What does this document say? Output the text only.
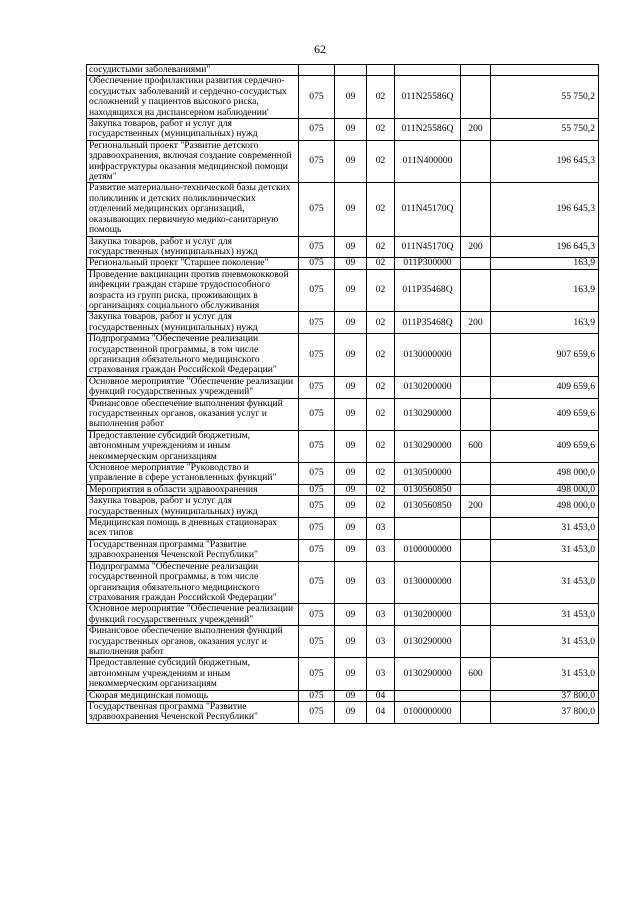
62
сосудистыми заболеваниями"						
Обеспечение профилактики развития сердечно-сосудистых заболеваний и сердечно-сосудистых осложнений у пациентов высокого риска, находящихся на диспансерном наблюдении'	075	09	02	011N25586Q		55 750,2
Закупка товаров, работ и услуг для государственных (муниципальных) нужд	075	09	02	011N25586Q	200	55 750,2
Региональный проект "Развитие детского здравоохранения, включая создание современной инфраструктуры оказания медицинской помощи детям"	075	09	02	011N400000		196 645,3
Развитие материально-технической базы детских поликлиник и детских поликлинических отделений медицинских организаций, оказывающих первичную медико-санитарную помощь	075	09	02	011N45170Q		196 645,3
Закупка товаров, работ и услуг для государственных (муниципальных) нужд	075	09	02	011N45170Q	200	196 645,3
Региональный проект "Старшее поколение"	075	09	02	011P300000		163,9
Проведение вакцинации против пневмококковой инфекции граждан старше трудоспособного возраста из групп риска, проживающих в организациях социального обслуживания	075	09	02	011P35468Q		163,9
Закупка товаров, работ и услуг для государственных (муниципальных) нужд	075	09	02	011P35468Q	200	163,9
Подпрограмма "Обеспечение реализации государственной программы, в том числе организация обязательного медицинского страхования граждан Российской Федерации"	075	09	02	0130000000		907 659,6
Основное мероприятие "Обеспечение реализации функций государственных учреждений"	075	09	02	0130200000		409 659,6
Финансовое обеспечение выполнения функций государственных органов, оказания услуг и выполнения работ	075	09	02	0130290000		409 659,6
Предоставление субсидий бюджетным, автономным учреждениям и иным некоммерческим организациям	075	09	02	0130290000	600	409 659,6
Основное мероприятие "Руководство и управление в сфере установленных функций"	075	09	02	0130500000		498 000,0
Мероприятия в области здравоохранения	075	09	02	0130560850		498 000,0
Закупка товаров, работ и услуг для государственных (муниципальных) нужд	075	09	02	0130560850	200	498 000,0
Медицинская помощь в дневных стационарах всех типов	075	09	03			31 453,0
Государственная программа "Развитие здравоохранения Чеченской Республики"	075	09	03	0100000000		31 453,0
Подпрограмма "Обеспечение реализации государственной программы, в том числе организация обязательного медицинского страхования граждан Российской Федерации"	075	09	03	0130000000		31 453,0
Основное мероприятие "Обеспечение реализации функций государственных учреждений"	075	09	03	0130200000		31 453,0
Финансовое обеспечение выполнения функций государственных органов, оказания услуг и выполнения работ	075	09	03	0130290000		31 453,0
Предоставление субсидий бюджетным, автономным учреждениям и иным некоммерческим организациям	075	09	03	0130290000	600	31 453,0
Скорая медицинская помощь	075	09	04			37 800,0
Государственная программа "Развитие здравоохранения Чеченской Республики"	075	09	04	0100000000		37 800,0
